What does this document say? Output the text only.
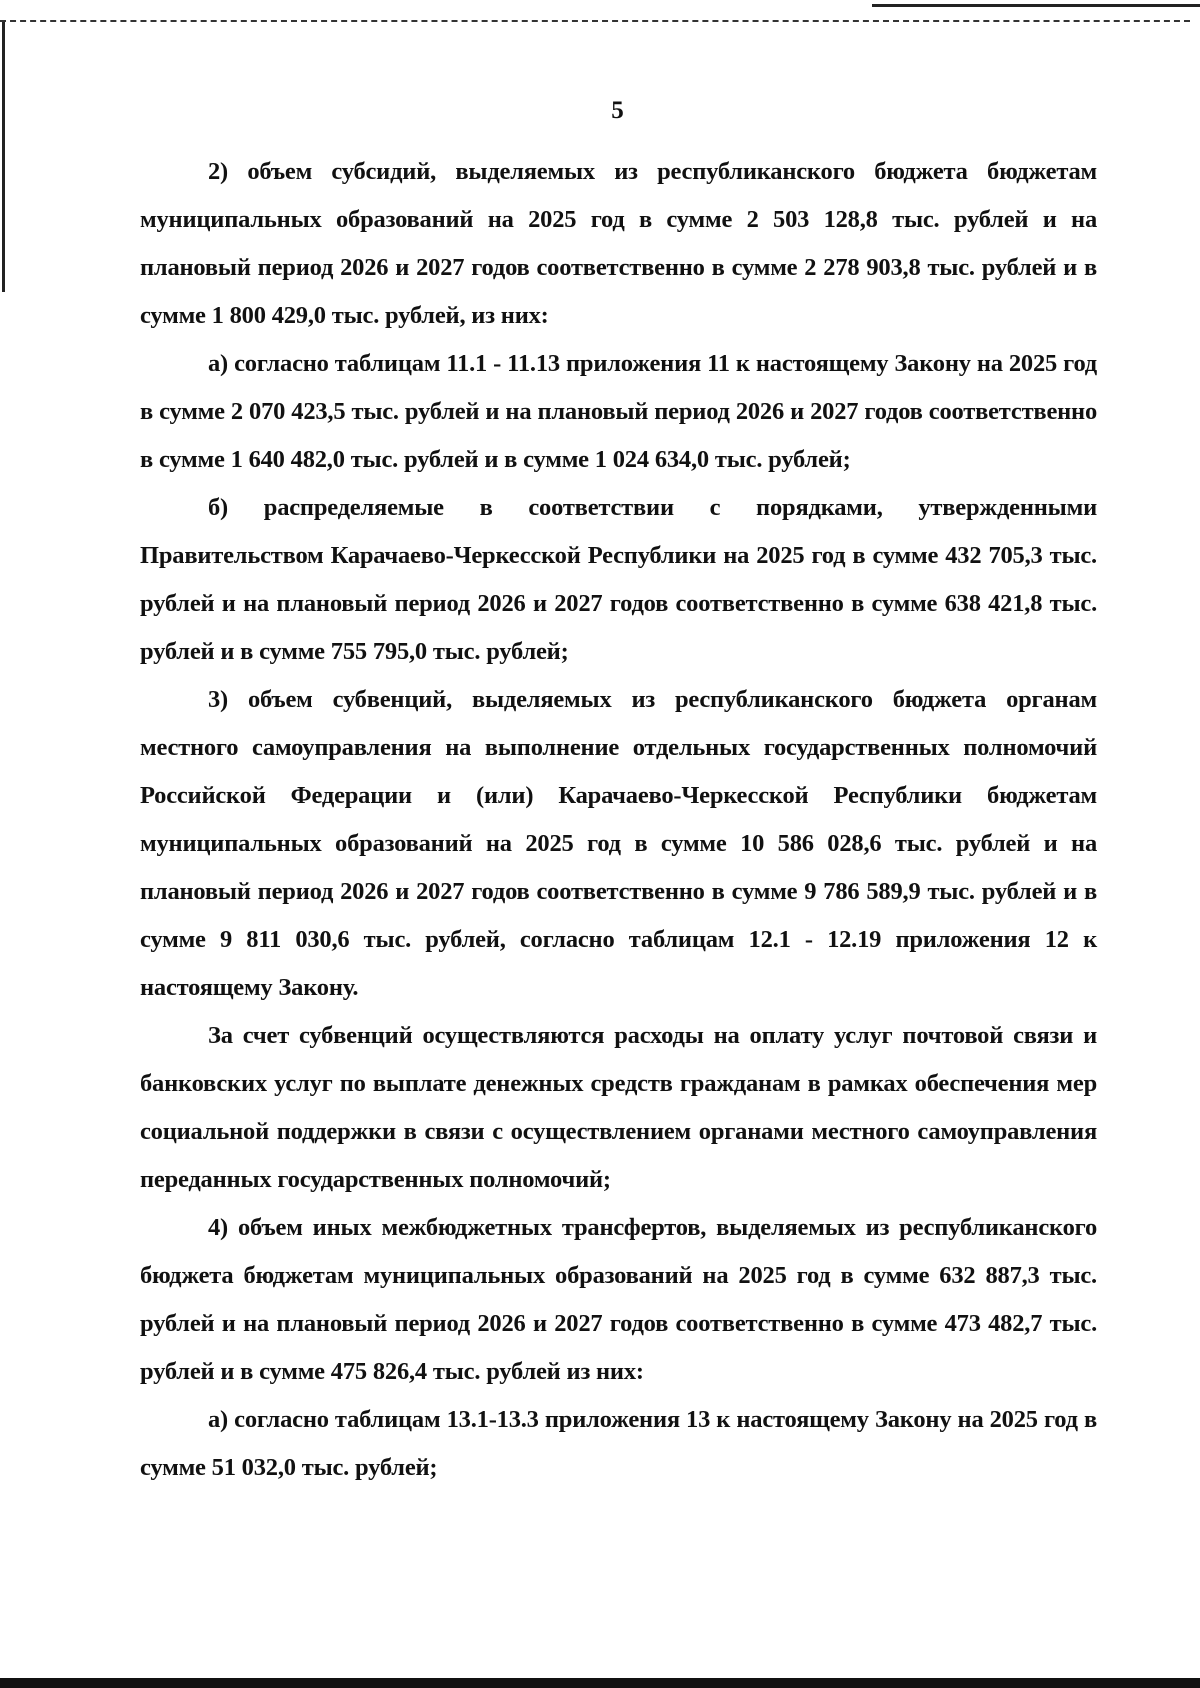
5

2) объем субсидий, выделяемых из республиканского бюджета бюджетам муниципальных образований на 2025 год в сумме 2 503 128,8 тыс. рублей и на плановый период 2026 и 2027 годов соответственно в сумме 2 278 903,8 тыс. рублей и в сумме 1 800 429,0 тыс. рублей, из них:

а) согласно таблицам 11.1 - 11.13 приложения 11 к настоящему Закону на 2025 год в сумме 2 070 423,5 тыс. рублей и на плановый период 2026 и 2027 годов соответственно в сумме 1 640 482,0 тыс. рублей и в сумме 1 024 634,0 тыс. рублей;

б) распределяемые в соответствии с порядками, утвержденными Правительством Карачаево-Черкесской Республики на 2025 год в сумме 432 705,3 тыс. рублей и на плановый период 2026 и 2027 годов соответственно в сумме 638 421,8 тыс. рублей и в сумме 755 795,0 тыс. рублей;

3) объем субвенций, выделяемых из республиканского бюджета органам местного самоуправления на выполнение отдельных государственных полномочий Российской Федерации и (или) Карачаево-Черкесской Республики бюджетам муниципальных образований на 2025 год в сумме 10 586 028,6 тыс. рублей и на плановый период 2026 и 2027 годов соответственно в сумме 9 786 589,9 тыс. рублей и в сумме 9 811 030,6 тыс. рублей, согласно таблицам 12.1 - 12.19 приложения 12 к настоящему Закону.

За счет субвенций осуществляются расходы на оплату услуг почтовой связи и банковских услуг по выплате денежных средств гражданам в рамках обеспечения мер социальной поддержки в связи с осуществлением органами местного самоуправления переданных государственных полномочий;

4) объем иных межбюджетных трансфертов, выделяемых из республиканского бюджета бюджетам муниципальных образований на 2025 год в сумме 632 887,3 тыс. рублей и на плановый период 2026 и 2027 годов соответственно в сумме 473 482,7 тыс. рублей и в сумме 475 826,4 тыс. рублей из них:

а) согласно таблицам 13.1-13.3 приложения 13 к настоящему Закону на 2025 год в сумме 51 032,0 тыс. рублей;
